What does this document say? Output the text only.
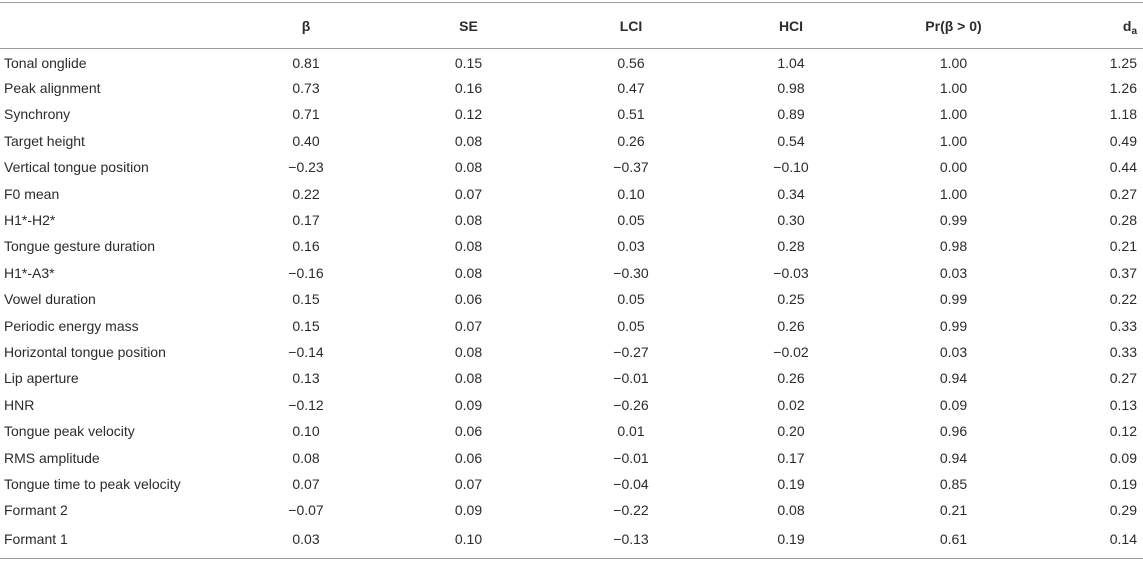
	β	SE	LCI	HCI	Pr(β > 0)	$d_a$
Tonal onglide	0.81	0.15	0.56	1.04	1.00	1.25
Peak alignment	0.73	0.16	0.47	0.98	1.00	1.26
Synchrony	0.71	0.12	0.51	0.89	1.00	1.18
Target height	0.40	0.08	0.26	0.54	1.00	0.49
Vertical tongue position	−0.23	0.08	−0.37	−0.10	0.00	0.44
F0 mean	0.22	0.07	0.10	0.34	1.00	0.27
H1*-H2*	0.17	0.08	0.05	0.30	0.99	0.28
Tongue gesture duration	0.16	0.08	0.03	0.28	0.98	0.21
H1*-A3*	−0.16	0.08	−0.30	−0.03	0.03	0.37
Vowel duration	0.15	0.06	0.05	0.25	0.99	0.22
Periodic energy mass	0.15	0.07	0.05	0.26	0.99	0.33
Horizontal tongue position	−0.14	0.08	−0.27	−0.02	0.03	0.33
Lip aperture	0.13	0.08	−0.01	0.26	0.94	0.27
HNR	−0.12	0.09	−0.26	0.02	0.09	0.13
Tongue peak velocity	0.10	0.06	0.01	0.20	0.96	0.12
RMS amplitude	0.08	0.06	−0.01	0.17	0.94	0.09
Tongue time to peak velocity	0.07	0.07	−0.04	0.19	0.85	0.19
Formant 2	−0.07	0.09	−0.22	0.08	0.21	0.29
Formant 1	0.03	0.10	−0.13	0.19	0.61	0.14
